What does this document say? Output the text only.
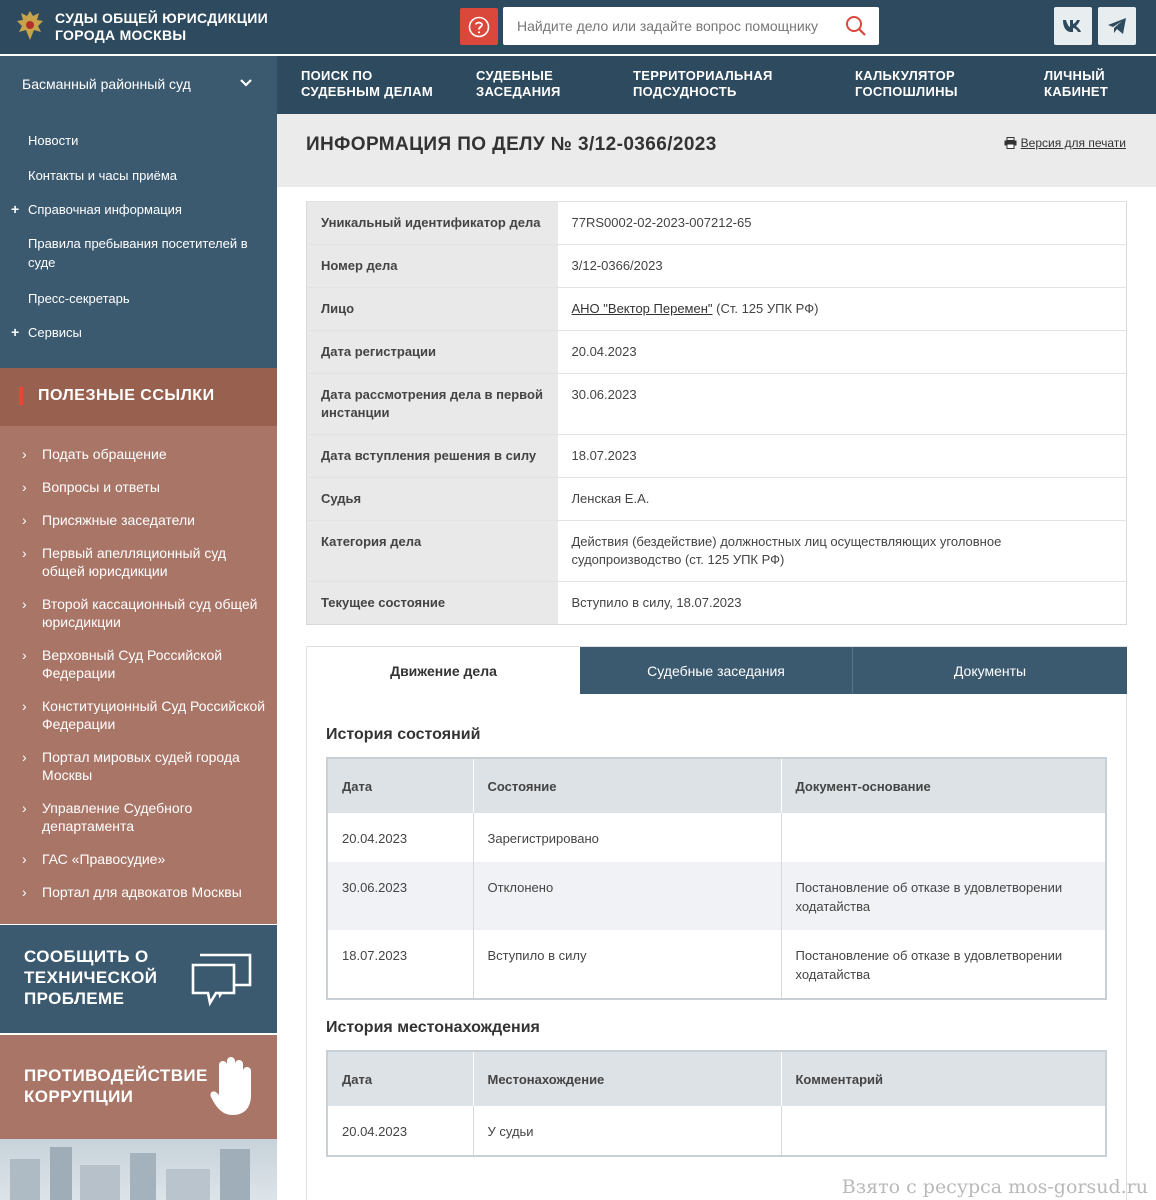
СУДЫ ОБЩЕЙ ЮРИСДИКЦИИ
ГОРОДА МОСКВЫ
Найдите дело или задайте вопрос помощнику
Басманный районный суд
Новости
Контакты и часы приёма
+ Справочная информация
Правила пребывания посетителей в суде
Пресс-секретарь
+ Сервисы
ПОЛЕЗНЫЕ ССЫЛКИ
› Подать обращение
› Вопросы и ответы
› Присяжные заседатели
› Первый апелляционный суд общей юрисдикции
› Второй кассационный суд общей юрисдикции
› Верховный Суд Российской Федерации
› Конституционный Суд Российской Федерации
› Портал мировых судей города Москвы
› Управление Судебного департамента
› ГАС «Правосудие»
› Портал для адвокатов Москвы
СООБЩИТЬ О ТЕХНИЧЕСКОЙ ПРОБЛЕМЕ
ПРОТИВОДЕЙСТВИЕ КОРРУПЦИИ
ПОИСК ПО СУДЕБНЫМ ДЕЛАМ
СУДЕБНЫЕ ЗАСЕДАНИЯ
ТЕРРИТОРИАЛЬНАЯ ПОДСУДНОСТЬ
КАЛЬКУЛЯТОР ГОСПОШЛИНЫ
ЛИЧНЫЙ КАБИНЕТ
ИНФОРМАЦИЯ ПО ДЕЛУ № 3/12-0366/2023	Версия для печати
Уникальный идентификатор дела	77RS0002-02-2023-007212-65
Номер дела	3/12-0366/2023
Лицо	АНО "Вектор Перемен" (Ст. 125 УПК РФ)
Дата регистрации	20.04.2023
Дата рассмотрения дела в первой инстанции	30.06.2023
Дата вступления решения в силу	18.07.2023
Судья	Ленская Е.А.
Категория дела	Действия (бездействие) должностных лиц осуществляющих уголовное судопроизводство (ст. 125 УПК РФ)
Текущее состояние	Вступило в силу, 18.07.2023
Движение дела	Судебные заседания	Документы
История состояний
Дата	Состояние	Документ-основание
20.04.2023	Зарегистрировано	
30.06.2023	Отклонено	Постановление об отказе в удовлетворении ходатайства
18.07.2023	Вступило в силу	Постановление об отказе в удовлетворении ходатайства
История местонахождения
Дата	Местонахождение	Комментарий
20.04.2023	У судьи	
Взято с ресурса mos-gorsud.ru
